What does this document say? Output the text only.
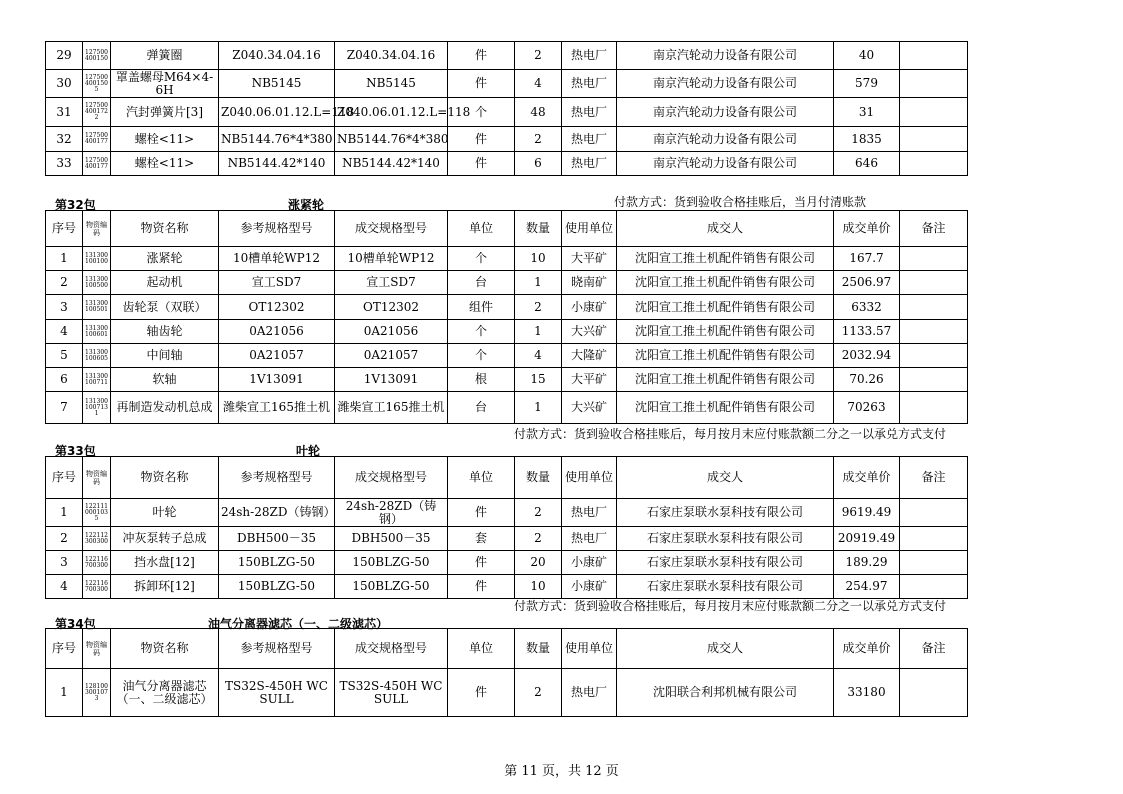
29	127500400150	弹簧圈	Z040.34.04.16	Z040.34.04.16	件	2	热电厂	南京汽轮动力设备有限公司	40	
30	1275004001505	罩盖螺母M64×4-6H	NB5145	NB5145	件	4	热电厂	南京汽轮动力设备有限公司	579	
31	1275004001722	汽封弹簧片[3]	Z040.06.01.12.L=118	Z040.06.01.12.L=118	个	48	热电厂	南京汽轮动力设备有限公司	31	
32	127500400177	螺栓<11>	NB5144.76*4*380	NB5144.76*4*380	件	2	热电厂	南京汽轮动力设备有限公司	1835	
33	127500400177	螺栓<11>	NB5144.42*140	NB5144.42*140	件	6	热电厂	南京汽轮动力设备有限公司	646	
第32包	涨紧轮	付款方式：货到验收合格挂账后，当月付清账款
序号	物资编码	物资名称	参考规格型号	成交规格型号	单位	数量	使用单位	成交人	成交单价	备注
1	131300100100	涨紧轮	10槽单轮WP12	10槽单轮WP12	个	10	大平矿	沈阳宣工推土机配件销售有限公司	167.7	
2	131300100500	起动机	宣工SD7	宣工SD7	台	1	晓南矿	沈阳宣工推土机配件销售有限公司	2506.97	
3	131300100501	齿轮泵（双联）	OT12302	OT12302	组件	2	小康矿	沈阳宣工推土机配件销售有限公司	6332	
4	131300100601	轴齿轮	0A21056	0A21056	个	1	大兴矿	沈阳宣工推土机配件销售有限公司	1133.57	
5	131300100605	中间轴	0A21057	0A21057	个	4	大隆矿	沈阳宣工推土机配件销售有限公司	2032.94	
6	131300100711	软轴	1V13091	1V13091	根	15	大平矿	沈阳宣工推土机配件销售有限公司	70.26	
7	1313001007131	再制造发动机总成	潍柴宣工165推土机	潍柴宣工165推土机	台	1	大兴矿	沈阳宣工推土机配件销售有限公司	70263	
第33包	叶轮
付款方式：货到验收合格挂账后，每月按月末应付账款额二分之一以承兑方式支付
序号	物资编码	物资名称	参考规格型号	成交规格型号	单位	数量	使用单位	成交人	成交单价	备注
1	1221110001035	叶轮	24sh-28ZD（铸钢）	24sh-28ZD（铸钢）	件	2	热电厂	石家庄泵联水泵科技有限公司	9619.49	
2	122112300300	冲灰泵转子总成	DBH500－35	DBH500－35	套	2	热电厂	石家庄泵联水泵科技有限公司	20919.49	
3	122116700300	挡水盘[12]	150BLZG-50	150BLZG-50	件	20	小康矿	石家庄泵联水泵科技有限公司	189.29	
4	122116700300	拆卸环[12]	150BLZG-50	150BLZG-50	件	10	小康矿	石家庄泵联水泵科技有限公司	254.97	
第34包	油气分离器滤芯（一、二级滤芯）
付款方式：货到验收合格挂账后，每月按月末应付账款额二分之一以承兑方式支付
序号	物资编码	物资名称	参考规格型号	成交规格型号	单位	数量	使用单位	成交人	成交单价	备注
1	1281003001073	油气分离器滤芯（一、二级滤芯）	TS32S-450H WC SULL	TS32S-450H WC SULL	件	2	热电厂	沈阳联合利邦机械有限公司	33180	
第 11 页，共 12 页
